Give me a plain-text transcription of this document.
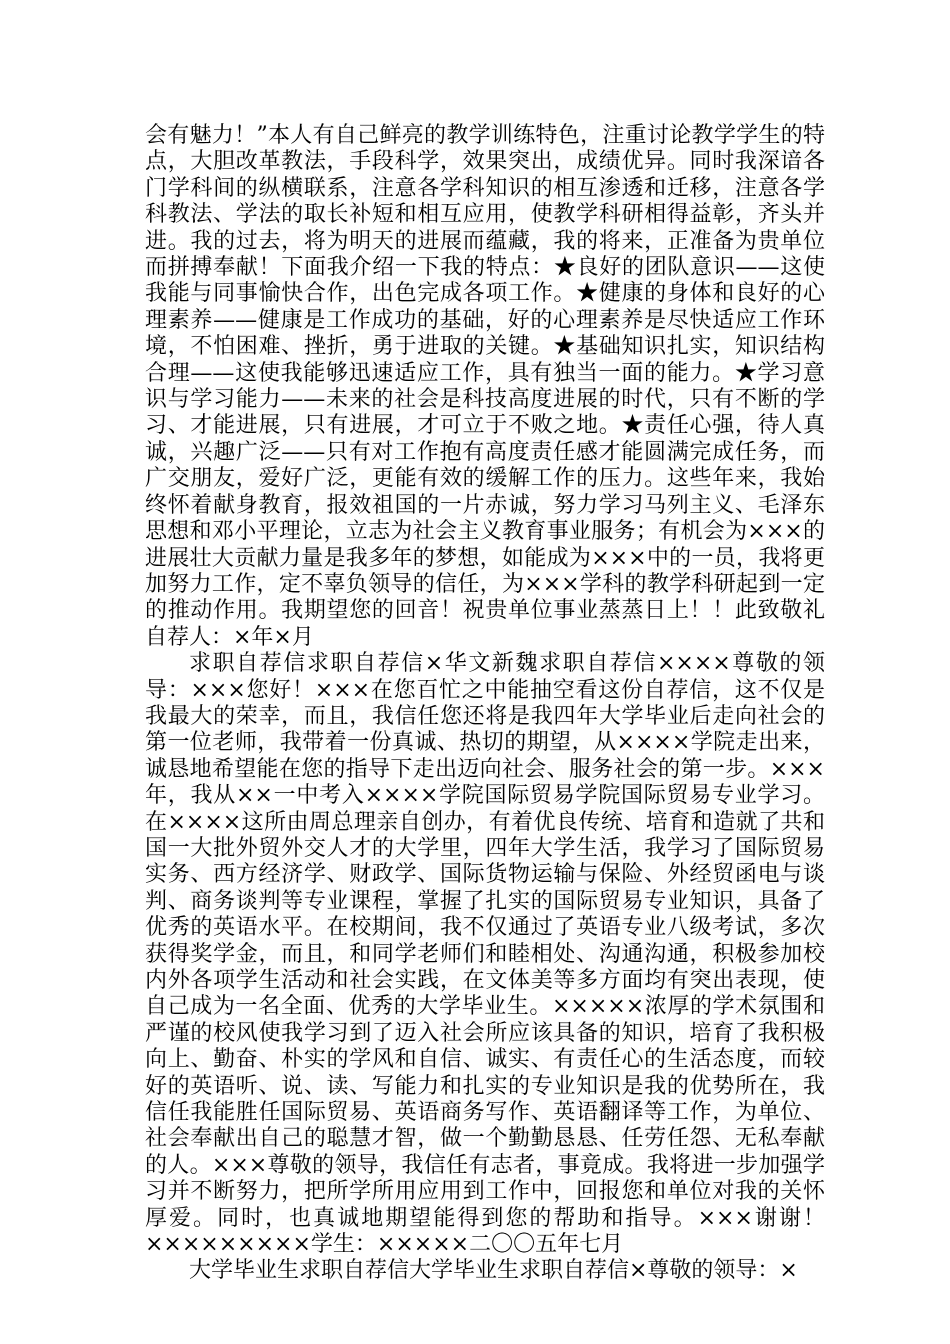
会有魅力！”本人有自己鲜亮的教学训练特色，注重讨论教学学生的特点，大胆改革教法，手段科学，效果突出，成绩优异。同时我深谙各门学科间的纵横联系，注意各学科知识的相互渗透和迁移，注意各学科教法、学法的取长补短和相互应用，使教学科研相得益彰，齐头并进。我的过去，将为明天的进展而蕴藏，我的将来，正准备为贵单位而拼搏奉献！下面我介绍一下我的特点：★良好的团队意识——这使我能与同事愉快合作，出色完成各项工作。★健康的身体和良好的心理素养——健康是工作成功的基础，好的心理素养是尽快适应工作环境，不怕困难、挫折，勇于进取的关键。★基础知识扎实，知识结构合理——这使我能够迅速适应工作，具有独当一面的能力。★学习意识与学习能力——未来的社会是科技高度进展的时代，只有不断的学习、才能进展，只有进展，才可立于不败之地。★责任心强，待人真诚，兴趣广泛——只有对工作抱有高度责任感才能圆满完成任务，而广交朋友，爱好广泛，更能有效的缓解工作的压力。这些年来，我始终怀着献身教育，报效祖国的一片赤诚，努力学习马列主义、毛泽东思想和邓小平理论，立志为社会主义教育事业服务；有机会为×××的进展壮大贡献力量是我多年的梦想，如能成为×××中的一员，我将更加努力工作，定不辜负领导的信任，为×××学科的教学科研起到一定的推动作用。我期望您的回音！祝贵单位事业蒸蒸日上！！此致敬礼自荐人：×年×月

求职自荐信求职自荐信×华文新魏求职自荐信××××尊敬的领导：×××您好！×××在您百忙之中能抽空看这份自荐信，这不仅是我最大的荣幸，而且，我信任您还将是我四年大学毕业后走向社会的第一位老师，我带着一份真诚、热切的期望，从××××学院走出来，诚恳地希望能在您的指导下走出迈向社会、服务社会的第一步。×××年，我从××一中考入××××学院国际贸易学院国际贸易专业学习。在××××这所由周总理亲自创办，有着优良传统、培育和造就了共和国一大批外贸外交人才的大学里，四年大学生活，我学习了国际贸易实务、西方经济学、财政学、国际货物运输与保险、外经贸函电与谈判、商务谈判等专业课程，掌握了扎实的国际贸易专业知识，具备了优秀的英语水平。在校期间，我不仅通过了英语专业八级考试，多次获得奖学金，而且，和同学老师们和睦相处、沟通沟通，积极参加校内外各项学生活动和社会实践，在文体美等多方面均有突出表现，使自己成为一名全面、优秀的大学毕业生。×××××浓厚的学术氛围和严谨的校风使我学习到了迈入社会所应该具备的知识，培育了我积极向上、勤奋、朴实的学风和自信、诚实、有责任心的生活态度，而较好的英语听、说、读、写能力和扎实的专业知识是我的优势所在，我信任我能胜任国际贸易、英语商务写作、英语翻译等工作，为单位、社会奉献出自己的聪慧才智，做一个勤勤恳恳、任劳任怨、无私奉献的人。×××尊敬的领导，我信任有志者，事竟成。我将进一步加强学习并不断努力，把所学所用应用到工作中，回报您和单位对我的关怀厚爱。同时，也真诚地期望能得到您的帮助和指导。×××谢谢！×××××××××学生：×××××二〇〇五年七月

大学毕业生求职自荐信大学毕业生求职自荐信×尊敬的领导：×
